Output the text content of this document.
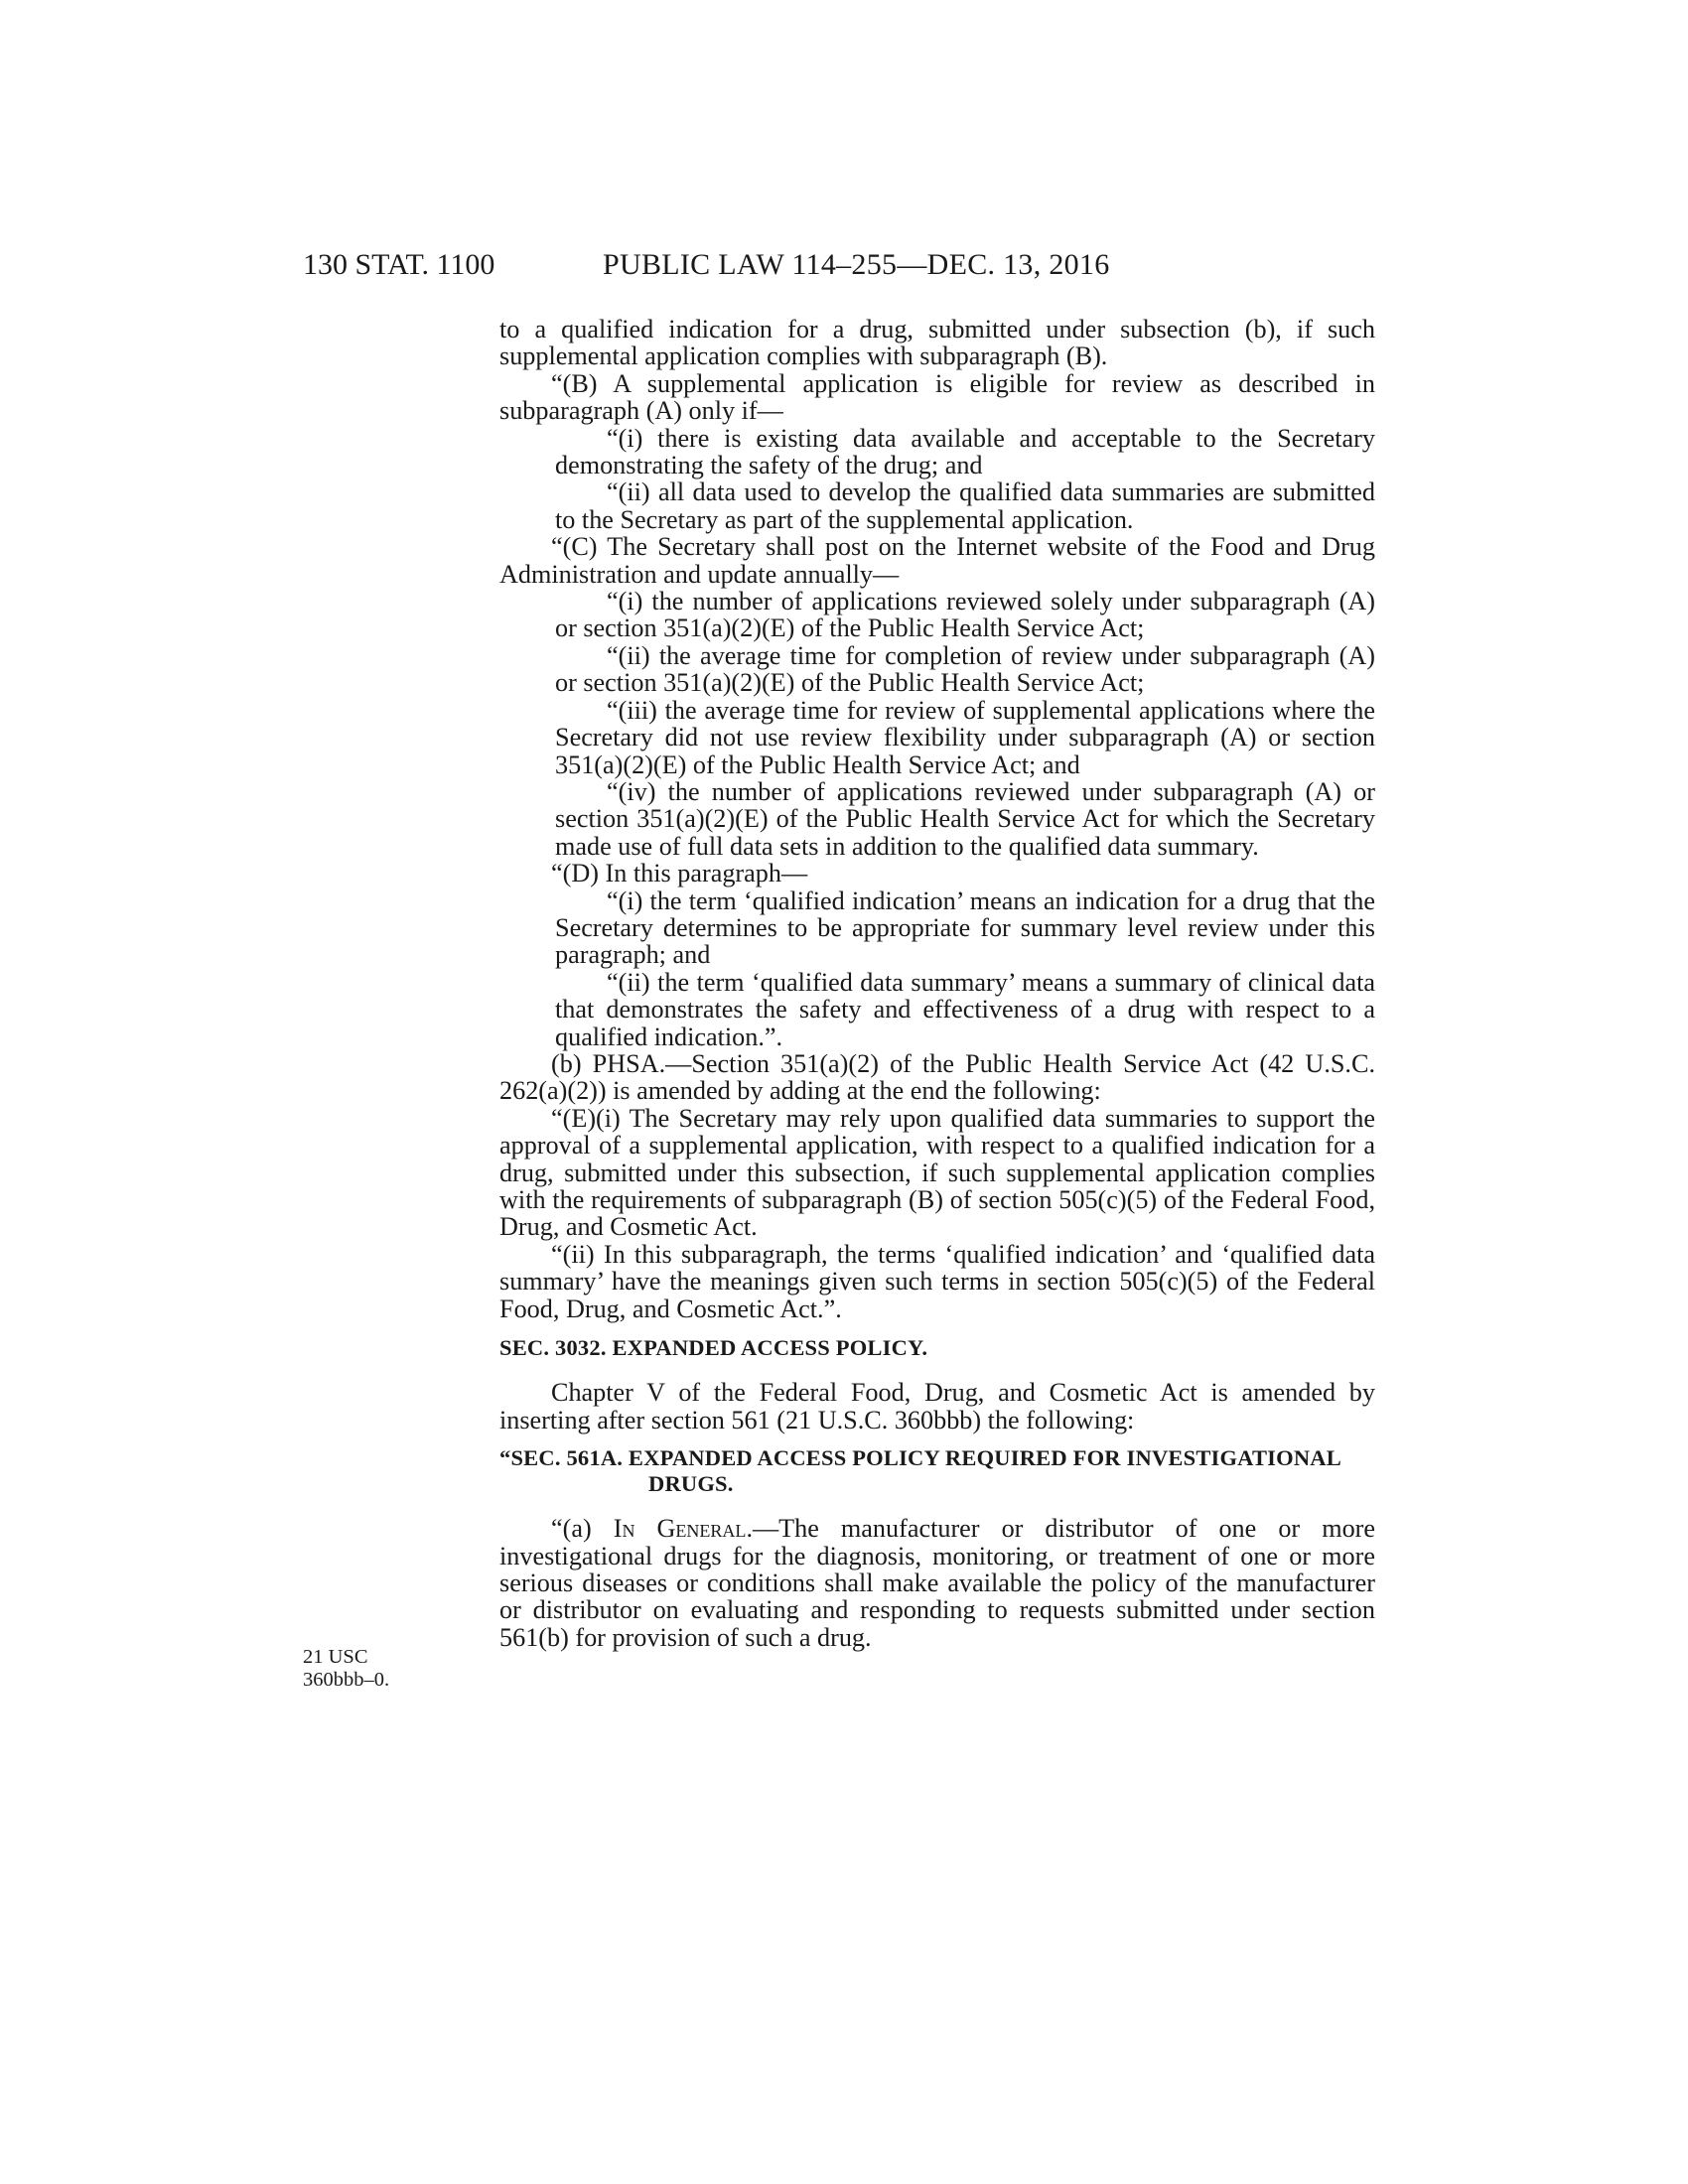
130 STAT. 1100	PUBLIC LAW 114–255—DEC. 13, 2016
21 USC
360bbb–0.

to a qualified indication for a drug, submitted under subsection (b), if such supplemental application complies with subparagraph (B).

“(B) A supplemental application is eligible for review as described in subparagraph (A) only if—

“(i) there is existing data available and acceptable to the Secretary demonstrating the safety of the drug; and

“(ii) all data used to develop the qualified data summaries are submitted to the Secretary as part of the supplemental application.

“(C) The Secretary shall post on the Internet website of the Food and Drug Administration and update annually—

“(i) the number of applications reviewed solely under subparagraph (A) or section 351(a)(2)(E) of the Public Health Service Act;

“(ii) the average time for completion of review under subparagraph (A) or section 351(a)(2)(E) of the Public Health Service Act;

“(iii) the average time for review of supplemental applications where the Secretary did not use review flexibility under subparagraph (A) or section 351(a)(2)(E) of the Public Health Service Act; and

“(iv) the number of applications reviewed under subparagraph (A) or section 351(a)(2)(E) of the Public Health Service Act for which the Secretary made use of full data sets in addition to the qualified data summary.

“(D) In this paragraph—

“(i) the term ‘qualified indication’ means an indication for a drug that the Secretary determines to be appropriate for summary level review under this paragraph; and

“(ii) the term ‘qualified data summary’ means a summary of clinical data that demonstrates the safety and effectiveness of a drug with respect to a qualified indication.”.

(b) PHSA.—Section 351(a)(2) of the Public Health Service Act (42 U.S.C. 262(a)(2)) is amended by adding at the end the following:

“(E)(i) The Secretary may rely upon qualified data summaries to support the approval of a supplemental application, with respect to a qualified indication for a drug, submitted under this subsection, if such supplemental application complies with the requirements of subparagraph (B) of section 505(c)(5) of the Federal Food, Drug, and Cosmetic Act.

“(ii) In this subparagraph, the terms ‘qualified indication’ and ‘qualified data summary’ have the meanings given such terms in section 505(c)(5) of the Federal Food, Drug, and Cosmetic Act.”.

SEC. 3032. EXPANDED ACCESS POLICY.

Chapter V of the Federal Food, Drug, and Cosmetic Act is amended by inserting after section 561 (21 U.S.C. 360bbb) the following:

“SEC. 561A. EXPANDED ACCESS POLICY REQUIRED FOR INVESTIGATIONAL DRUGS.

“(a) In General.—The manufacturer or distributor of one or more investigational drugs for the diagnosis, monitoring, or treatment of one or more serious diseases or conditions shall make available the policy of the manufacturer or distributor on evaluating and responding to requests submitted under section 561(b) for provision of such a drug.
